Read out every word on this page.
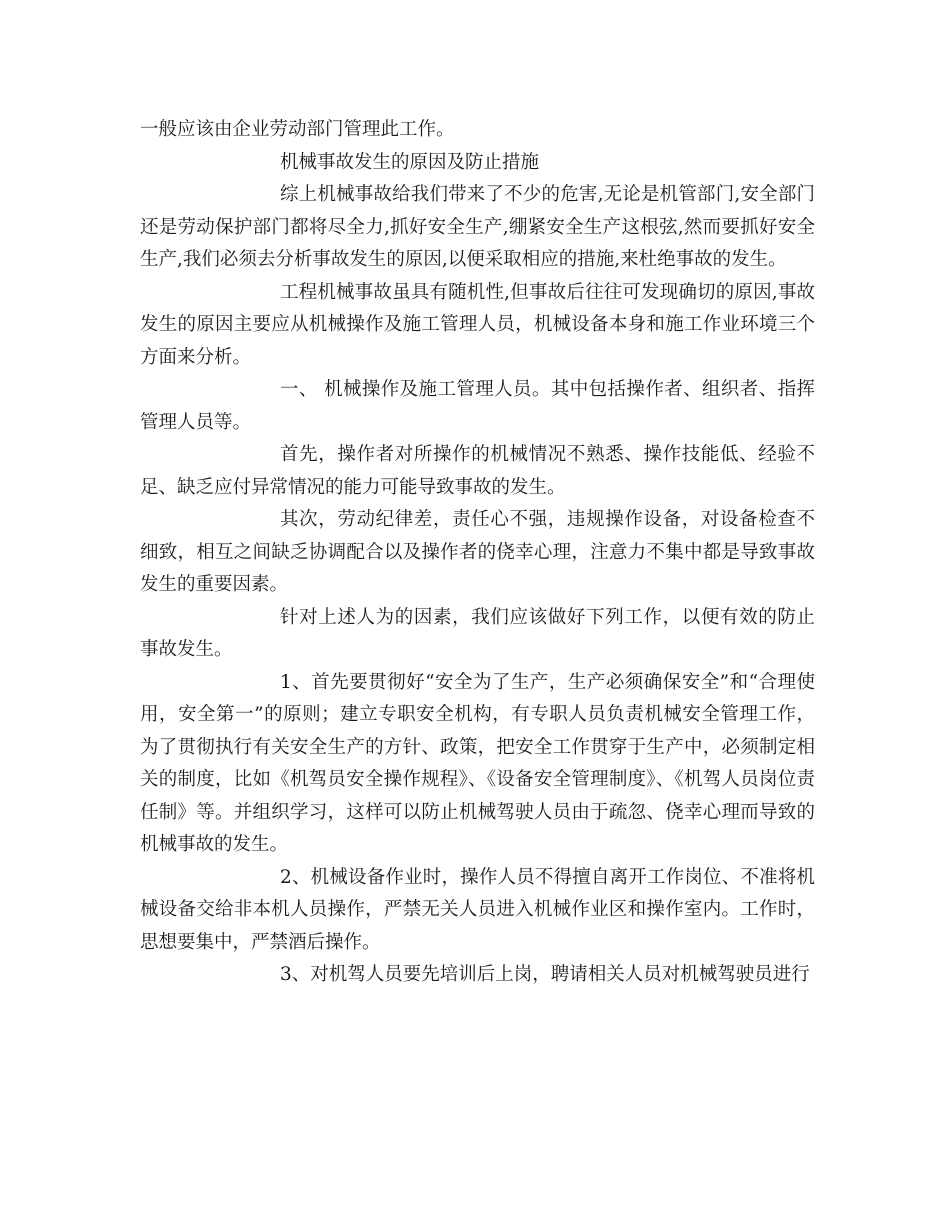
一般应该由企业劳动部门管理此工作。

机械事故发生的原因及防止措施

综上机械事故给我们带来了不少的危害,无论是机管部门,安全部门还是劳动保护部门都将尽全力,抓好安全生产,绷紧安全生产这根弦,然而要抓好安全生产,我们必须去分析事故发生的原因,以便采取相应的措施,来杜绝事故的发生。

工程机械事故虽具有随机性,但事故后往往可发现确切的原因,事故发生的原因主要应从机械操作及施工管理人员，机械设备本身和施工作业环境三个方面来分析。

一、 机械操作及施工管理人员。其中包括操作者、组织者、指挥管理人员等。

首先，操作者对所操作的机械情况不熟悉、操作技能低、经验不足、缺乏应付异常情况的能力可能导致事故的发生。

其次，劳动纪律差，责任心不强，违规操作设备，对设备检查不细致，相互之间缺乏协调配合以及操作者的侥幸心理，注意力不集中都是导致事故发生的重要因素。

针对上述人为的因素，我们应该做好下列工作，以便有效的防止事故发生。

1、首先要贯彻好“安全为了生产，生产必须确保安全”和“合理使用，安全第一”的原则；建立专职安全机构，有专职人员负责机械安全管理工作，为了贯彻执行有关安全生产的方针、政策，把安全工作贯穿于生产中，必须制定相关的制度，比如《机驾员安全操作规程》、《设备安全管理制度》、《机驾人员岗位责任制》等。并组织学习，这样可以防止机械驾驶人员由于疏忽、侥幸心理而导致的机械事故的发生。

2、机械设备作业时，操作人员不得擅自离开工作岗位、不准将机械设备交给非本机人员操作，严禁无关人员进入机械作业区和操作室内。工作时，思想要集中，严禁酒后操作。

3、对机驾人员要先培训后上岗，聘请相关人员对机械驾驶员进行
